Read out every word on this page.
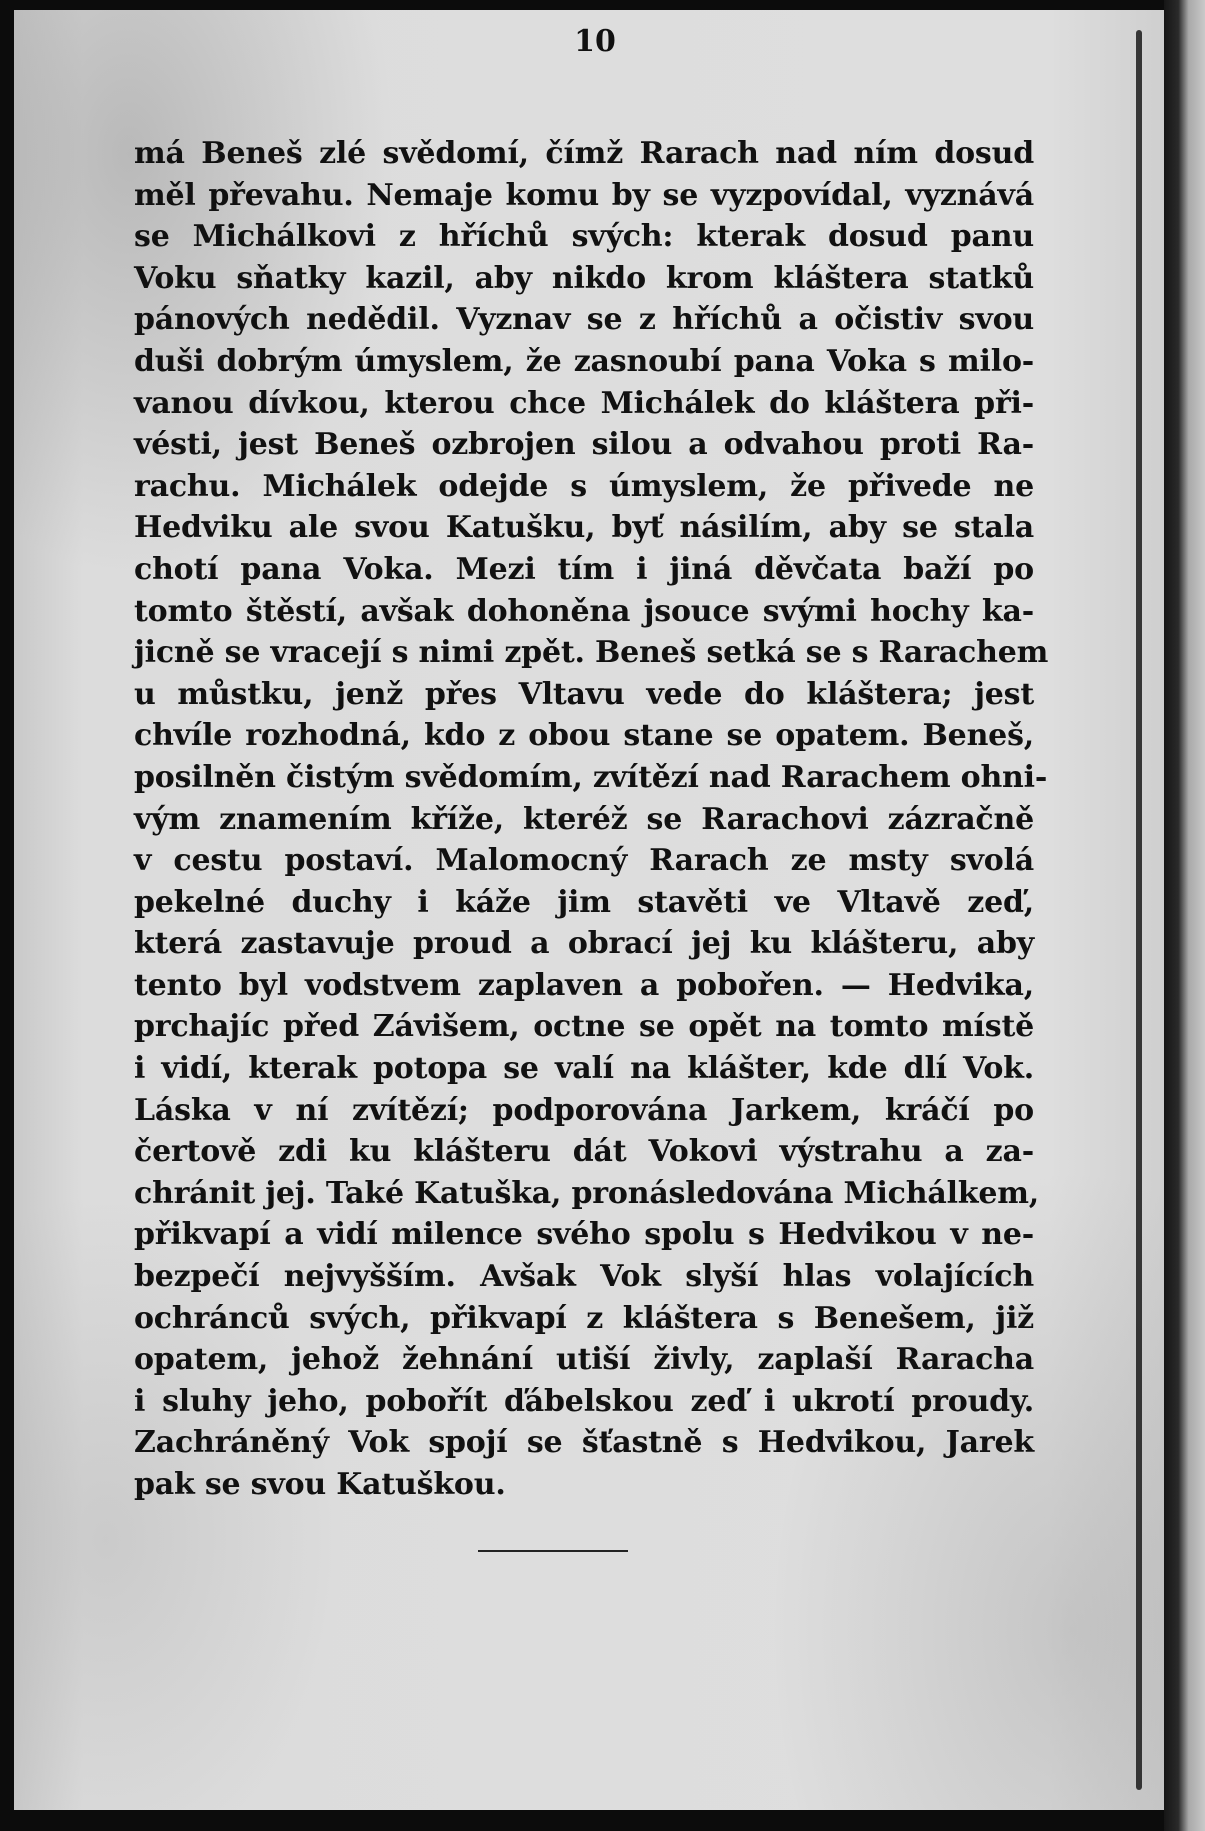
10
má Beneš zlé svědomí, čímž Rarach nad ním dosud
měl převahu. Nemaje komu by se vyzpovídal, vyznává
se Michálkovi z hříchů svých: kterak dosud panu
Voku sňatky kazil, aby nikdo krom kláštera statků
pánových nedědil. Vyznav se z hříchů a očistiv svou
duši dobrým úmyslem, že zasnoubí pana Voka s milo-
vanou dívkou, kterou chce Michálek do kláštera při-
vésti, jest Beneš ozbrojen silou a odvahou proti Ra-
rachu. Michálek odejde s úmyslem, že přivede ne
Hedviku ale svou Katušku, byť násilím, aby se stala
chotí pana Voka. Mezi tím i jiná děvčata baží po
tomto štěstí, avšak dohoněna jsouce svými hochy ka-
jicně se vracejí s nimi zpět. Beneš setká se s Rarachem
u můstku, jenž přes Vltavu vede do kláštera; jest
chvíle rozhodná, kdo z obou stane se opatem. Beneš,
posilněn čistým svědomím, zvítězí nad Rarachem ohni-
vým znamením kříže, kteréž se Rarachovi zázračně
v cestu postaví. Malomocný Rarach ze msty svolá
pekelné duchy i káže jim stavěti ve Vltavě zeď,
která zastavuje proud a obrací jej ku klášteru, aby
tento byl vodstvem zaplaven a pobořen. — Hedvika,
prchajíc před Závišem, octne se opět na tomto místě
i vidí, kterak potopa se valí na klášter, kde dlí Vok.
Láska v ní zvítězí; podporována Jarkem, kráčí po
čertově zdi ku klášteru dát Vokovi výstrahu a za-
chránit jej. Také Katuška, pronásledována Michálkem,
přikvapí a vidí milence svého spolu s Hedvikou v ne-
bezpečí nejvyšším. Avšak Vok slyší hlas volajících
ochránců svých, přikvapí z kláštera s Benešem, již
opatem, jehož žehnání utiší živly, zaplaší Raracha
i sluhy jeho, pobořít ďábelskou zeď i ukrotí proudy.
Zachráněný Vok spojí se šťastně s Hedvikou, Jarek
pak se svou Katuškou.
